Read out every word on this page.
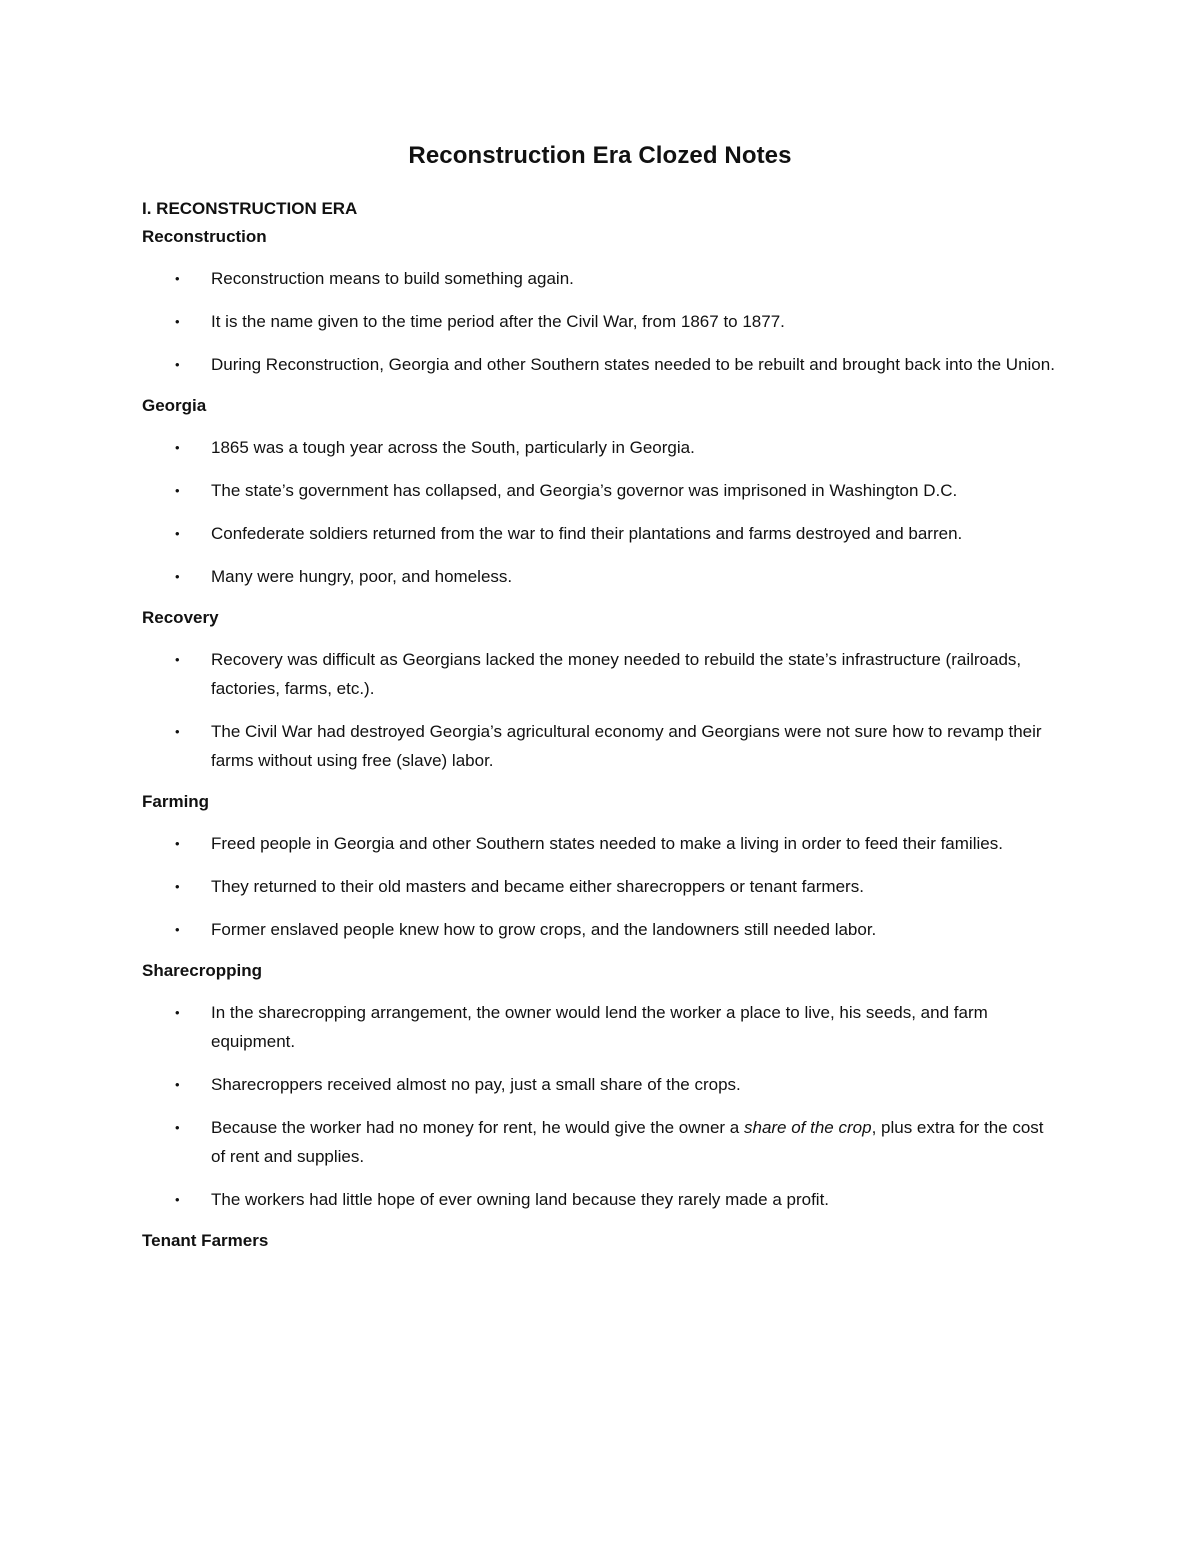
Reconstruction Era Clozed Notes
I. RECONSTRUCTION ERA
Reconstruction
• Reconstruction means to build something again.
• It is the name given to the time period after the Civil War, from 1867 to 1877.
• During Reconstruction, Georgia and other Southern states needed to be rebuilt and brought back into the Union.
Georgia
• 1865 was a tough year across the South, particularly in Georgia.
• The state’s government has collapsed, and Georgia’s governor was imprisoned in Washington D.C.
• Confederate soldiers returned from the war to find their plantations and farms destroyed and barren.
• Many were hungry, poor, and homeless.
Recovery
• Recovery was difficult as Georgians lacked the money needed to rebuild the state’s infrastructure (railroads, factories, farms, etc.).
• The Civil War had destroyed Georgia’s agricultural economy and Georgians were not sure how to revamp their farms without using free (slave) labor.
Farming
• Freed people in Georgia and other Southern states needed to make a living in order to feed their families.
• They returned to their old masters and became either sharecroppers or tenant farmers.
• Former enslaved people knew how to grow crops, and the landowners still needed labor.
Sharecropping
• In the sharecropping arrangement, the owner would lend the worker a place to live, his seeds, and farm equipment.
• Sharecroppers received almost no pay, just a small share of the crops.
• Because the worker had no money for rent, he would give the owner a share of the crop, plus extra for the cost of rent and supplies.
• The workers had little hope of ever owning land because they rarely made a profit.
Tenant Farmers
